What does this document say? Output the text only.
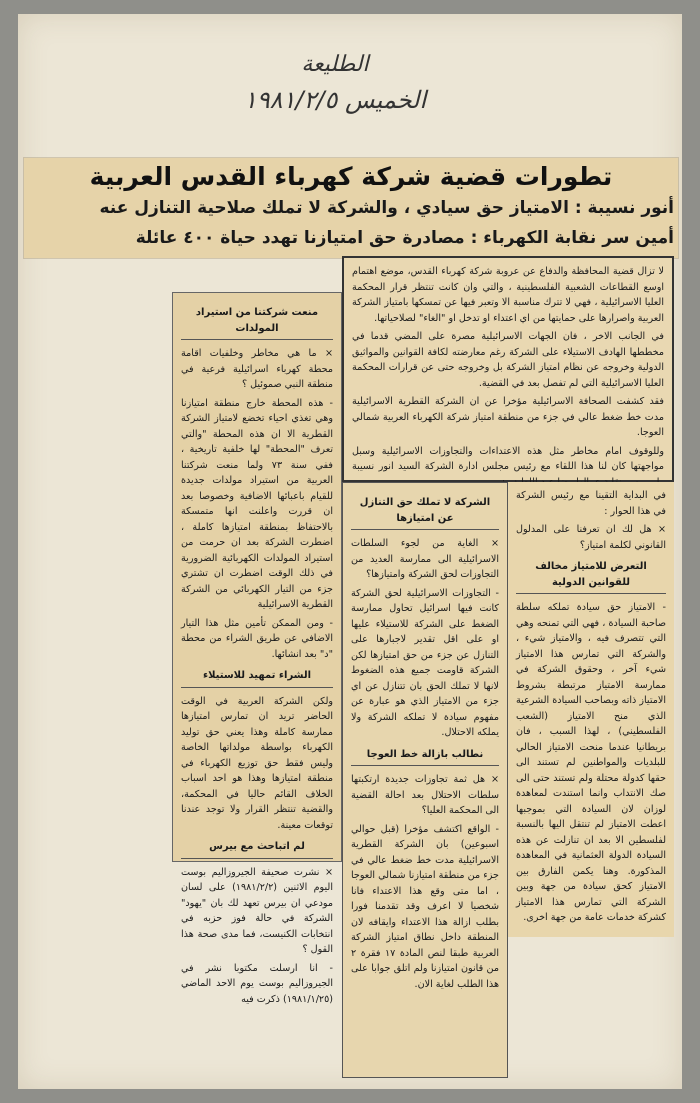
الطليعة
الخميس ١٩٨١/٢/٥
تطورات قضية شركة كهرباء القدس العربية
أنور نسيبة : الامتياز حق سيادي ، والشركة لا تملك صلاحية التنازل عنه
أمين سر نقابة الكهرباء : مصادرة حق امتيازنا تهدد حياة ٤٠٠ عائلة

لا تزال قضية المحافظة والدفاع عن عروبة شركة كهرباء القدس، موضع اهتمام اوسع القطاعات الشعبية الفلسطينية ، والتي وان كانت تنتظر قرار المحكمة العليا الاسرائيلية ، فهي لا تترك مناسبة الا وتعبر فيها عن تمسكها بامتياز الشركة العربية واصرارها على حمايتها من اي اعتداء او تدخل او "الغاء" لصلاحياتها.

في الجانب الاخر ، فان الجهات الاسرائيلية مصرة على المضي قدما في مخططها الهادف الاستيلاء على الشركة رغم معارضته لكافة القوانين والمواثيق الدولية وخروجه عن نظام امتياز الشركة بل وخروجه حتى عن قرارات المحكمة العليا الاسرائيلية التي لم تفصل بعد في القضية.

فقد كشفت الصحافة الاسرائيلية مؤخرا عن ان الشركة القطرية الاسرائيلية مدت خط ضغط عالي في جزء من منطقة امتياز شركة الكهرباء العربية شمالي العوجا.

وللوقوف امام مخاطر مثل هذه الاعتداءات والتجاوزات الاسرائيلية وسبل مواجهتها كان لنا هذا اللقاء مع رئيس مجلس ادارة الشركة السيد انور نسيبة

في البداية التقينا مع رئيس الشركة في هذا الحوار :

× هل لك ان تعرفنا على المدلول القانوني لكلمة امتياز؟

التعرض للامتياز مخالف للقوانين الدولية

- الامتياز حق سيادة تملكه سلطة صاحبة السيادة ، فهي التي تمنحه وهي التي تتصرف فيه ، والامتياز شيء ، والشركة التي تمارس هذا الامتياز شيء آخر ، وحقوق الشركة في ممارسة الامتياز مرتبطة بشروط الامتياز ذاته وبصاحب السيادة الشرعية الذي منح الامتياز (الشعب الفلسطيني) ، لهذا السبب ، فان بريطانيا عندما منحت الامتياز الحالي للبلديات والمواطنين لم تستند الى حقها كدولة محتلة ولم تستند حتى الى صك الانتداب وانما استندت لمعاهدة لوزان لان السيادة التي بموجبها اعطت الامتياز لم تنتقل اليها بالنسبة لفلسطين الا بعد ان تنازلت عن هذه السيادة الدولة العثمانية في المعاهدة المذكورة. وهنا يكمن الفارق بين الامتياز كحق سيادة من جهة وبين الشركة التي تمارس هذا الامتياز كشركة خدمات عامة من جهة اخرى.

الشركة لا تملك حق التنازل عن امتيازها

× الغاية من لجوء السلطات الاسرائيلية الى ممارسة العديد من التجاوزات لحق الشركة وامتيازها؟

- التجاوزات الاسرائيلية لحق الشركة كانت فيها اسرائيل تحاول ممارسة الضغط على الشركة للاستيلاء عليها او على اقل تقدير لاجبارها على التنازل عن جزء من حق امتيازها لكن الشركة قاومت جميع هذه الضغوط لانها لا تملك الحق بان تتنازل عن اي جزء من الامتياز الذي هو عبارة عن مفهوم سيادة لا تملكه الشركة ولا يملكه الاحتلال.

نطالب بازالة خط العوجا

× هل ثمة تجاوزات جديدة ارتكبتها سلطات الاحتلال بعد احالة القضية الى المحكمة العليا؟

- الواقع اكتشف مؤخرا (قبل حوالي اسبوعين) بان الشركة القطرية الاسرائيلية مدت خط ضغط عالي في جزء من منطقة امتيازنا شمالي العوجا ، اما متى وقع هذا الاعتداء فانا شخصيا لا اعرف وقد تقدمنا فورا بطلب ازالة هذا الاعتداء وايقافه لان المنطقة داخل نطاق امتياز الشركة العربية طبقا لنص المادة ١٧ فقرة ٢ من قانون امتيازنا ولم اتلق جوابا على هذا الطلب لغاية الان.

منعت شركتنا من استيراد المولدات

× ما هي مخاطر وخلفيات اقامة محطة كهرباء اسرائيلية فرعية في منطقة النبي صموئيل ؟

- هذه المحطة خارج منطقة امتيازنا وهي تغذي احياء تخضع لامتياز الشركة القطرية الا ان هذه المحطة "والتي تعرف "المحطة" لها خلفية تاريخية ، ففي سنة ٧٣ ولما منعت شركتنا العربية من استيراد مولدات جديدة للقيام باعبائها الاضافية وخصوصا بعد ان قررت واعلنت انها متمسكة بالاحتفاظ بمنطقة امتيازها كاملة ، اضطرت الشركة بعد ان حرمت من استيراد المولدات الكهربائية الضرورية في ذلك الوقت اضطرت ان تشتري جزء من التيار الكهربائي من الشركة القطرية الاسرائيلية

- ومن الممكن تأمين مثل هذا التيار الاضافي عن طريق الشراء من محطة "د" بعد انشائها.

الشراء تمهيد للاستيلاء

ولكن الشركة العربية في الوقت الحاضر تريد ان تمارس امتيازها ممارسة كاملة وهذا يعني حق توليد الكهرباء بواسطة مولداتها الخاصة وليس فقط حق توزيع الكهرباء في منطقة امتيازها وهذا هو احد اسباب الخلاف القائم حاليا في المحكمة، والقضية تنتظر القرار ولا توجد عندنا توقعات معينة.

لم اتباحث مع بيرس

× نشرت صحيفة الجيروزاليم بوست اليوم الاثنين (١٩٨١/٢/٢) على لسان مودعي ان بيرس تعهد لك بان "يهود" الشركة في حالة فوز حزبه في انتخابات الكنيست، فما مدى صحة هذا القول ؟

- انا ارسلت مكتوبا نشر في الجيروزاليم بوست يوم الاحد الماضي (١٩٨١/١/٢٥) ذكرت فيه
